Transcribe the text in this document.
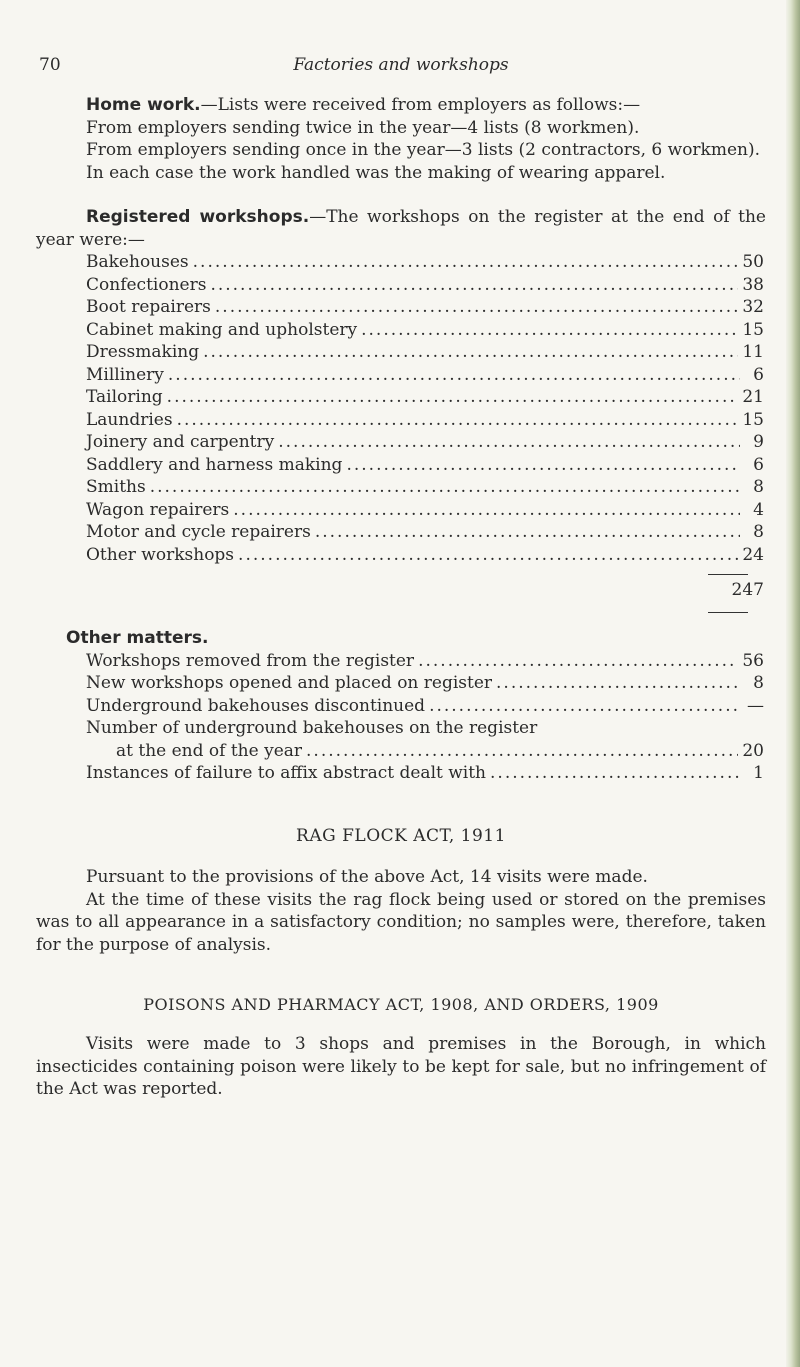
70	Factories and workshops

Home work.—Lists were received from employers as follows:—

From employers sending twice in the year—4 lists (8 workmen).

From employers sending once in the year—3 lists (2 contractors, 6 workmen).

In each case the work handled was the making of wearing apparel.

Registered workshops.—The workshops on the register at the end of the year were:—

Bakehouses .....	50
Confectioners .....	38
Boot repairers .....	32
Cabinet making and upholstery .....	15
Dressmaking .....	11
Millinery .....	6
Tailoring .....	21
Laundries .....	15
Joinery and carpentry .....	9
Saddlery and harness making .....	6
Smiths .....	8
Wagon repairers .....	4
Motor and cycle repairers .....	8
Other workshops .....	24
247

Other matters.

Workshops removed from the register .....	56
New workshops opened and placed on register .....	8
Underground bakehouses discontinued .....	—
Number of underground bakehouses on the register
at the end of the year .....	20
Instances of failure to affix abstract dealt with .....	1
RAG FLOCK ACT, 1911

Pursuant to the provisions of the above Act, 14 visits were made.

At the time of these visits the rag flock being used or stored on the premises was to all appearance in a satisfactory condition; no samples were, therefore, taken for the purpose of analysis.

POISONS AND PHARMACY ACT, 1908, AND ORDERS, 1909

Visits were made to 3 shops and premises in the Borough, in which insecticides containing poison were likely to be kept for sale, but no infringement of the Act was reported.
